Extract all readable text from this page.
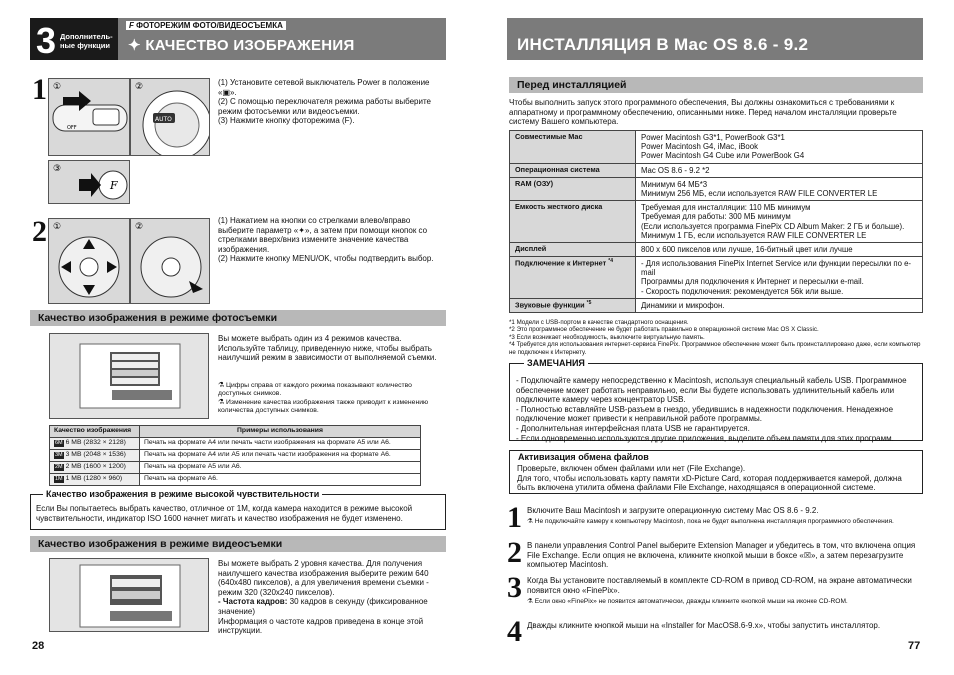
3 Дополнитель-
ные функции
F ФОТОРЕЖИМ ФОТО/ВИДЕОСЪЕМКА
✦ КАЧЕСТВО ИЗОБРАЖЕНИЯ
1 ①
OFF
②
AUTO
③
F
(1) Установите сетевой выключатель Power в положение «▣».
(2) С помощью переключателя режима работы выберите режим фотосъемки или видеосъемки.
(3) Нажмите кнопку фоторежима (F).
2 ①	②
(1) Нажатием на кнопки со стрелками влево/вправо выберите параметр «✦», а затем при помощи кнопок со стрелками вверх/вниз измените значение качества изображения.
(2) Нажмите кнопку MENU/OK, чтобы подтвердить выбор.
Качество изображения в режиме фотосъемки
Вы можете выбрать один из 4 режимов качества. Используйте таблицу, приведенную ниже, чтобы выбрать наилучший режим в зависимости от выполняемой съемки.
⚗ Цифры справа от каждого режима показывают количество доступных снимков.
⚗ Изменение качества изображения также приводит к изменению количества доступных снимков.
Качество изображения	Примеры использования
6M 6 MB (2832 × 2128)	Печать на формате A4 или печать части изображения на формате A5 или A6.
3M 3 MB (2048 × 1536)	Печать на формате A4 или A5 или печать части изображения на формате A6.
2M 2 MB (1600 × 1200)	Печать на формате A5 или A6.
1M 1 MB (1280 × 960)	Печать на формате A6.
Качество изображения в режиме высокой чувствительности
Если Вы попытаетесь выбрать качество, отличное от 1М, когда камера находится в режиме высокой чувствительности, индикатор ISO 1600 начнет мигать и качество изображения не будет изменено.
Качество изображения в режиме видеосъемки
Вы можете выбрать 2 уровня качества. Для получения наилучшего качества изображения выберите режим 640 (640x480 пикселов), а для увеличения времени съемки - режим 320 (320x240 пикселов).
- Частота кадров: 30 кадров в секунду (фиксированное значение)
Информация о частоте кадров приведена в конце этой инструкции.
28
ИНСТАЛЛЯЦИЯ В Mac OS 8.6 - 9.2
Перед инсталляцией
Чтобы выполнить запуск этого программного обеспечения, Вы должны ознакомиться с требованиями к аппаратному и программному обеспечению, описанными ниже. Перед началом инсталляции проверьте систему Вашего компьютера.
Совместимые Mac	Power Macintosh G3*1, PowerBook G3*1
Power Macintosh G4, iMac, iBook
Power Macintosh G4 Cube или PowerBook G4
Операционная система	Mac OS 8.6 - 9.2 *2
RAM (ОЗУ)	Минимум 64 МБ*3
Минимум 256 МБ, если используется RAW FILE CONVERTER LE
Емкость жесткого диска	Требуемая для инсталляции: 110 МБ минимум
Требуемая для работы: 300 МБ минимум
(Если используется программа FinePix CD Album Maker: 2 ГБ и больше).
Минимум 1 ГБ, если используется RAW FILE CONVERTER LE
Дисплей	800 x 600 пикселов или лучше, 16-битный цвет или лучше
Подключение к Интернет $^{*4}$	- Для использования FinePix Internet Service или функции пересылки по e-mail
Программы для подключения к Интернет и пересылки e-mail.
- Скорость подключения: рекомендуется 56k или выше.
Звуковые функции $^{*5}$	Динамики и микрофон.
*1 Модели с USB-портом в качестве стандартного оснащения.
*2 Это программное обеспечение не будет работать правильно в операционной системе Mac OS X Classic.
*3 Если возникает необходимость, выключите виртуальную память.
*4 Требуется для использования интернет-сервиса FinePix. Программное обеспечение может быть проинсталлировано даже, если компьютер не подключен к Интернету.
ЗАМЕЧАНИЯ
- Подключайте камеру непосредственно к Macintosh, используя специальный кабель USB. Программное обеспечение может работать неправильно, если Вы будете использовать удлинительный кабель или подключите камеру через концентратор USB.
- Полностью вставляйте USB-разъем в гнездо, убедившись в надежности подключения. Ненадежное подключение может привести к неправильной работе программы.
- Дополнительная интерфейсная плата USB не гарантируется.
- Если одновременно используются другие приложения, выделите объем памяти для этих программ.
Активизация обмена файлов
Проверьте, включен обмен файлами или нет (File Exchange).
Для того, чтобы использовать карту памяти xD-Picture Card, которая поддерживается камерой, должна быть включена утилита обмена файлами File Exchange, находящаяся в операционной системе.
1 Включите Ваш Macintosh и загрузите операционную систему Mac OS 8.6 - 9.2.
⚗ Не подключайте камеру к компьютеру Macintosh, пока не будет выполнена инсталляция программного обеспечения.
2 В панели управления Control Panel выберите Extension Manager и убедитесь в том, что включена опция File Exchange. Если опция не включена, кликните кнопкой мыши в боксе «☒», а затем перезагрузите компьютер Macintosh.
3 Когда Вы установите поставляемый в комплекте CD-ROM в привод CD-ROM, на экране автоматически появится окно «FinePix».
⚗ Если окно «FinePix» не появится автоматически, дважды кликните кнопкой мыши на иконке CD-ROM.
4 Дважды кликните кнопкой мыши на «Installer for MacOS8.6-9.x», чтобы запустить инсталлятор.
77
